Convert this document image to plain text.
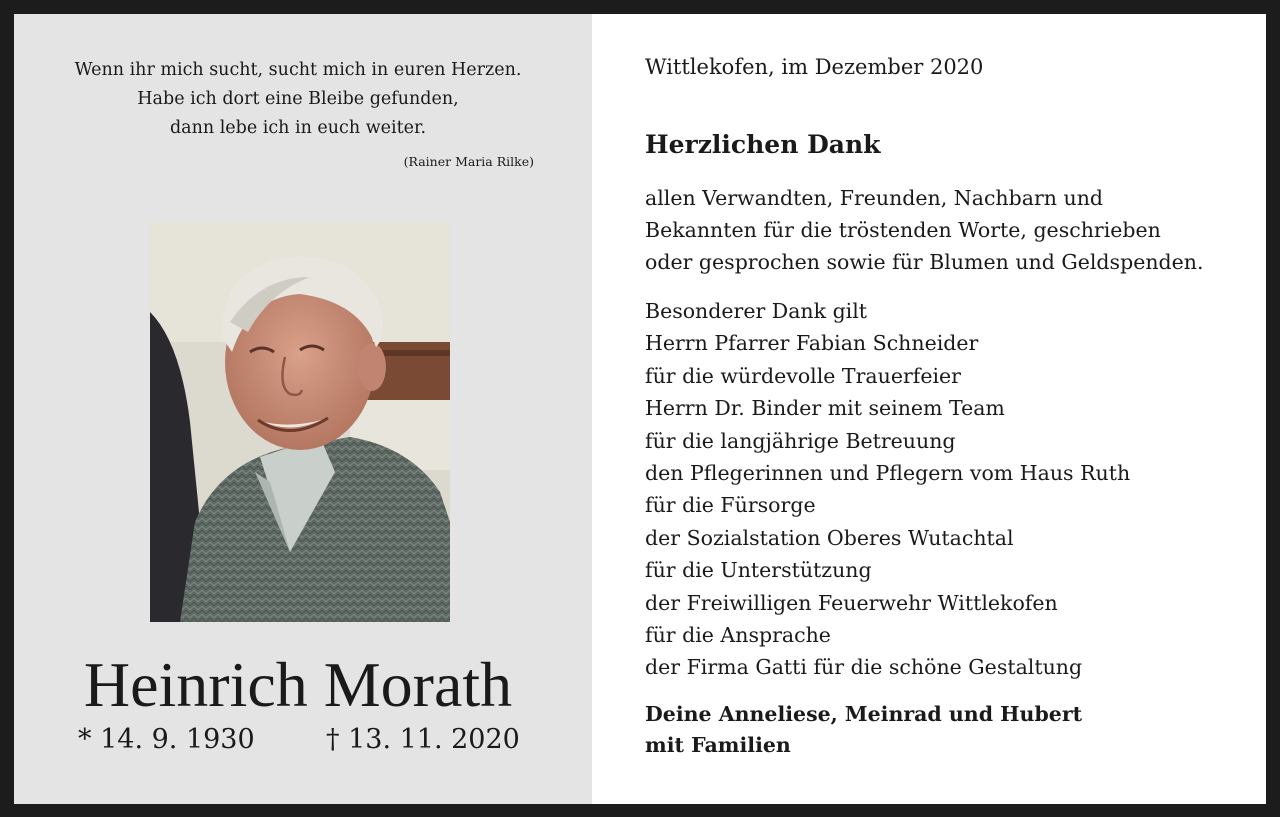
Wenn ihr mich sucht, sucht mich in euren Herzen.
Habe ich dort eine Bleibe gefunden,
dann lebe ich in euch weiter.
(Rainer Maria Rilke)
Heinrich Morath
* 14. 9. 1930	† 13. 11. 2020
Wittlekofen, im Dezember 2020
Herzlichen Dank
allen Verwandten, Freunden, Nachbarn und
Bekannten für die tröstenden Worte, geschrieben
oder gesprochen sowie für Blumen und Geldspenden.
Besonderer Dank gilt
Herrn Pfarrer Fabian Schneider
für die würdevolle Trauerfeier
Herrn Dr. Binder mit seinem Team
für die langjährige Betreuung
den Pflegerinnen und Pflegern vom Haus Ruth
für die Fürsorge
der Sozialstation Oberes Wutachtal
für die Unterstützung
der Freiwilligen Feuerwehr Wittlekofen
für die Ansprache
der Firma Gatti für die schöne Gestaltung
Deine Anneliese, Meinrad und Hubert
mit Familien
